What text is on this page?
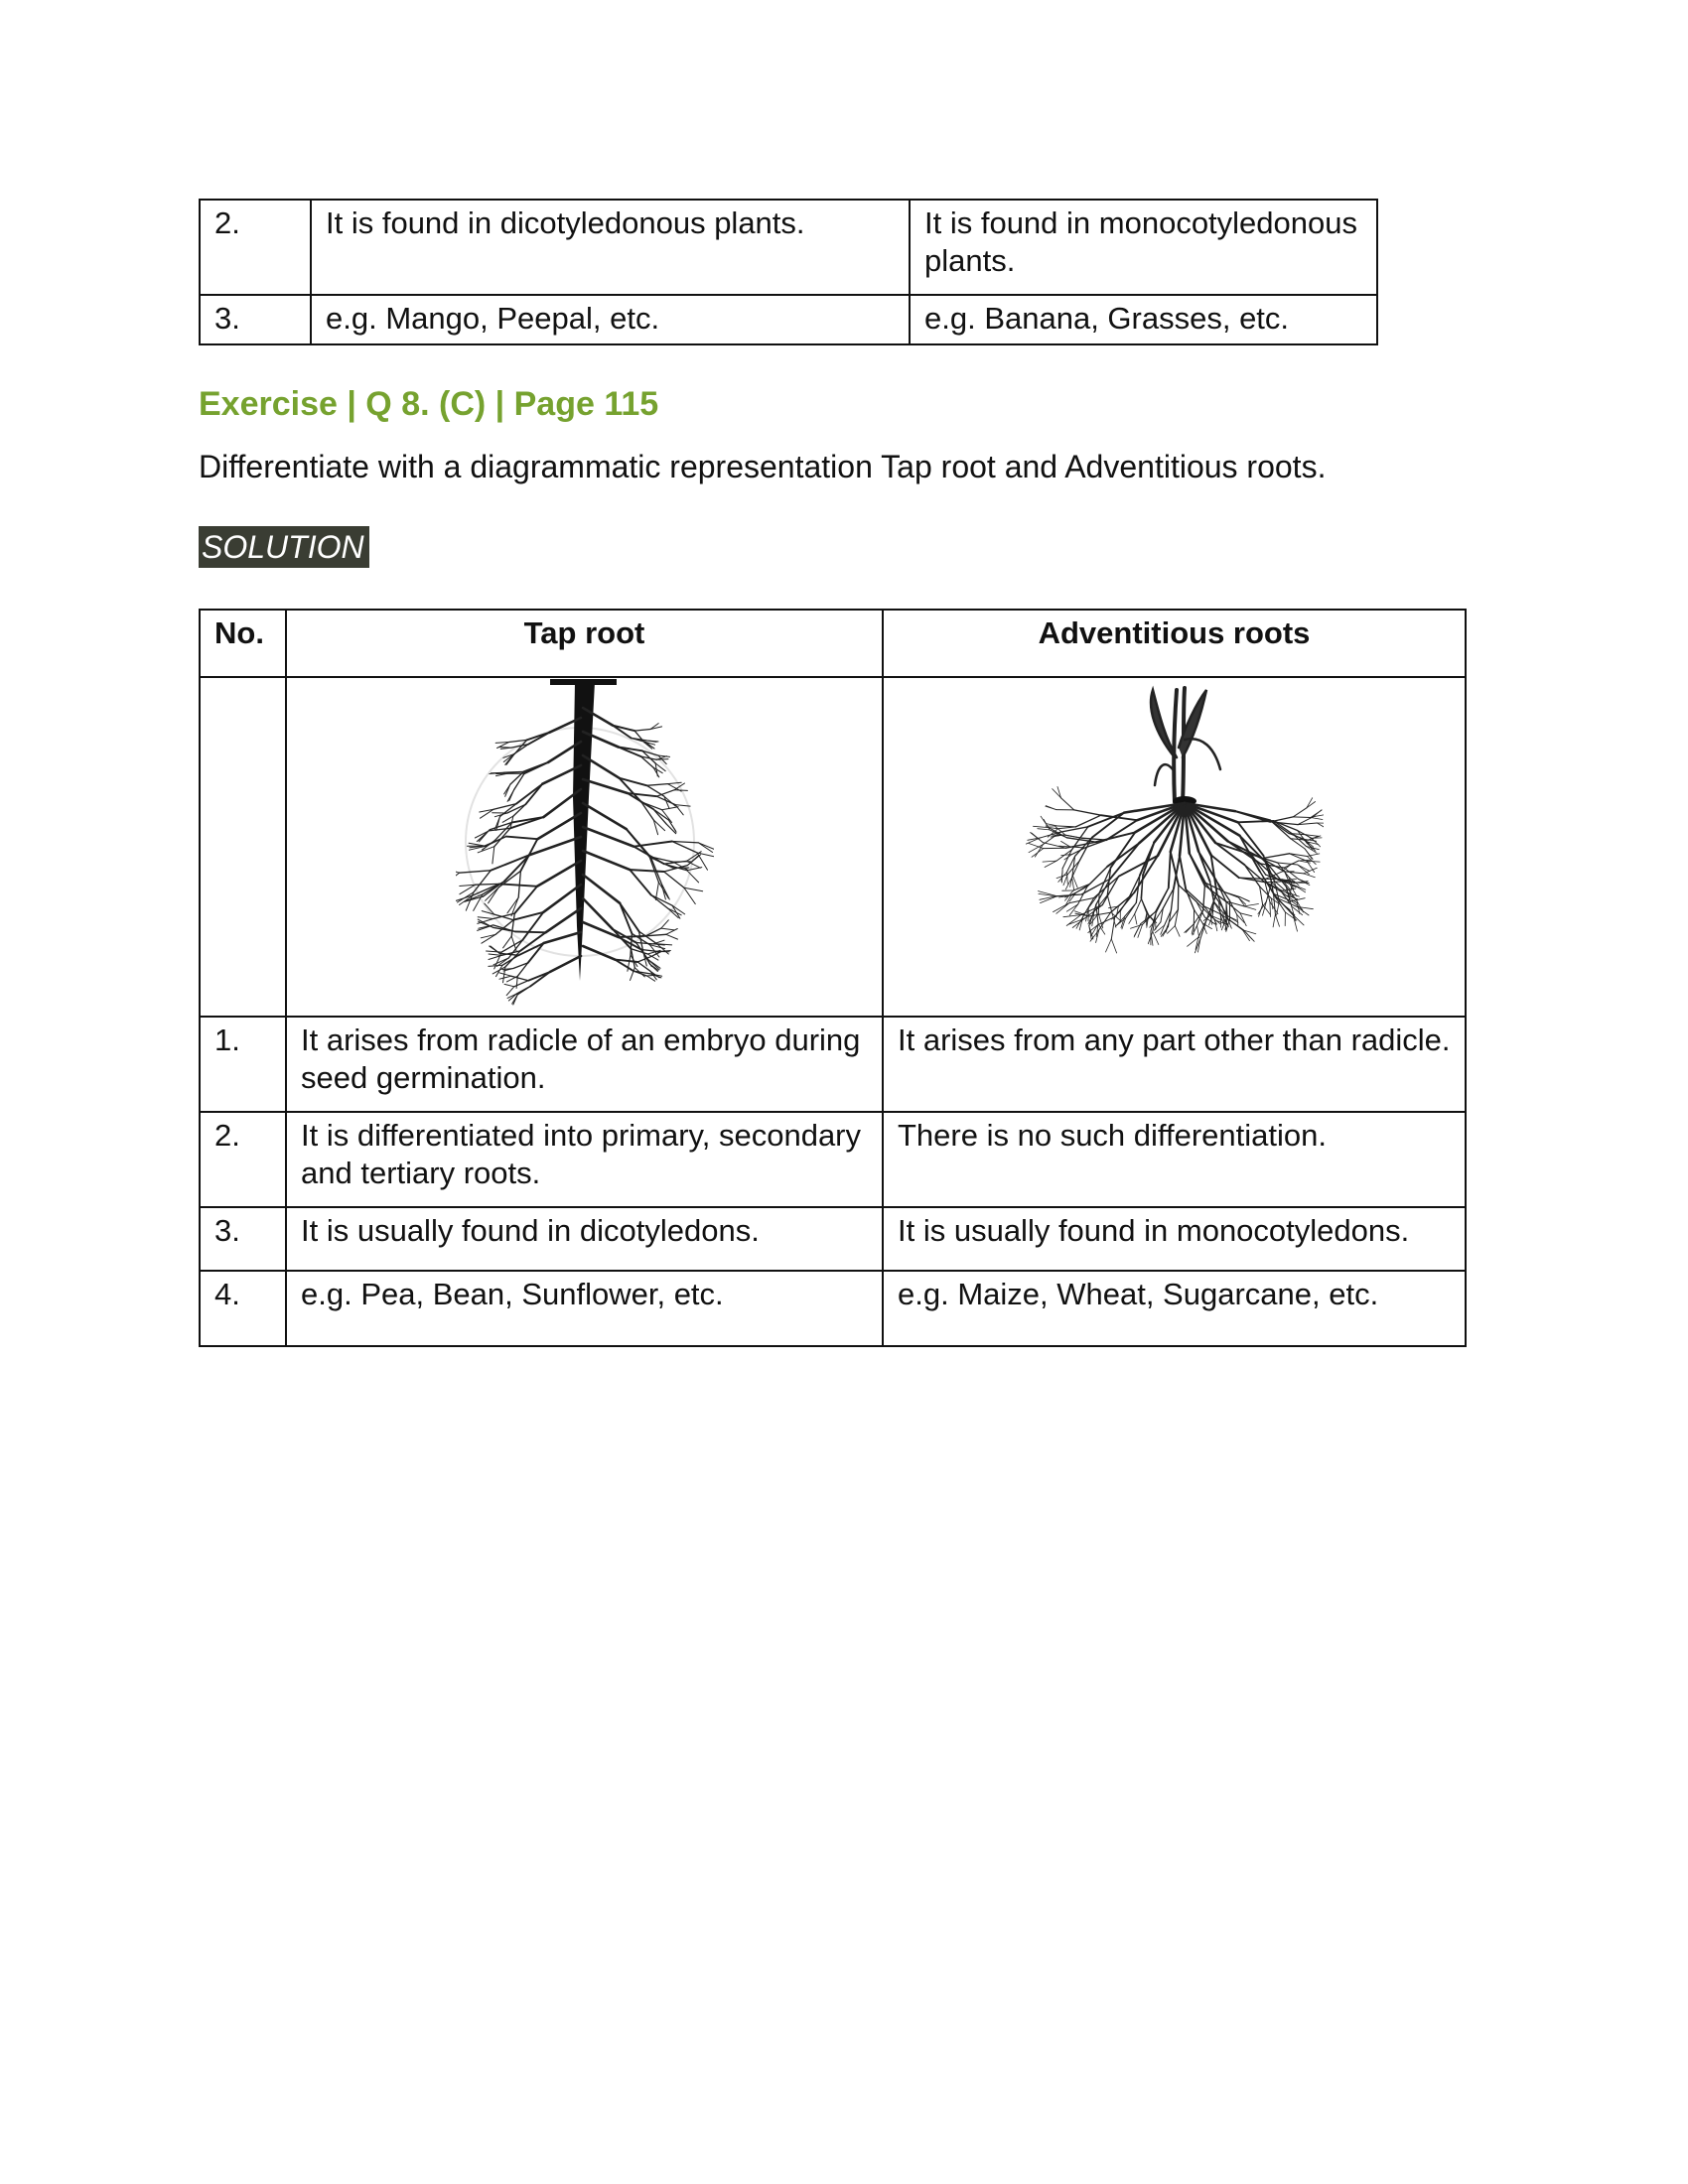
2.	It is found in dicotyledonous plants.	It is found in monocotyledonous plants.
3.	e.g. Mango, Peepal, etc.	e.g. Banana, Grasses, etc.
Exercise | Q 8. (C) | Page 115
Differentiate with a diagrammatic representation Tap root and Adventitious roots.
SOLUTION
No.	Tap root	Adventitious roots

1.	It arises from radicle of an embryo during seed germination.	It arises from any part other than radicle.
2.	It is differentiated into primary, secondary and tertiary roots.	There is no such differentiation.
3.	It is usually found in dicotyledons.	It is usually found in monocotyledons.
4.	e.g. Pea, Bean, Sunflower, etc.	e.g. Maize, Wheat, Sugarcane, etc.
